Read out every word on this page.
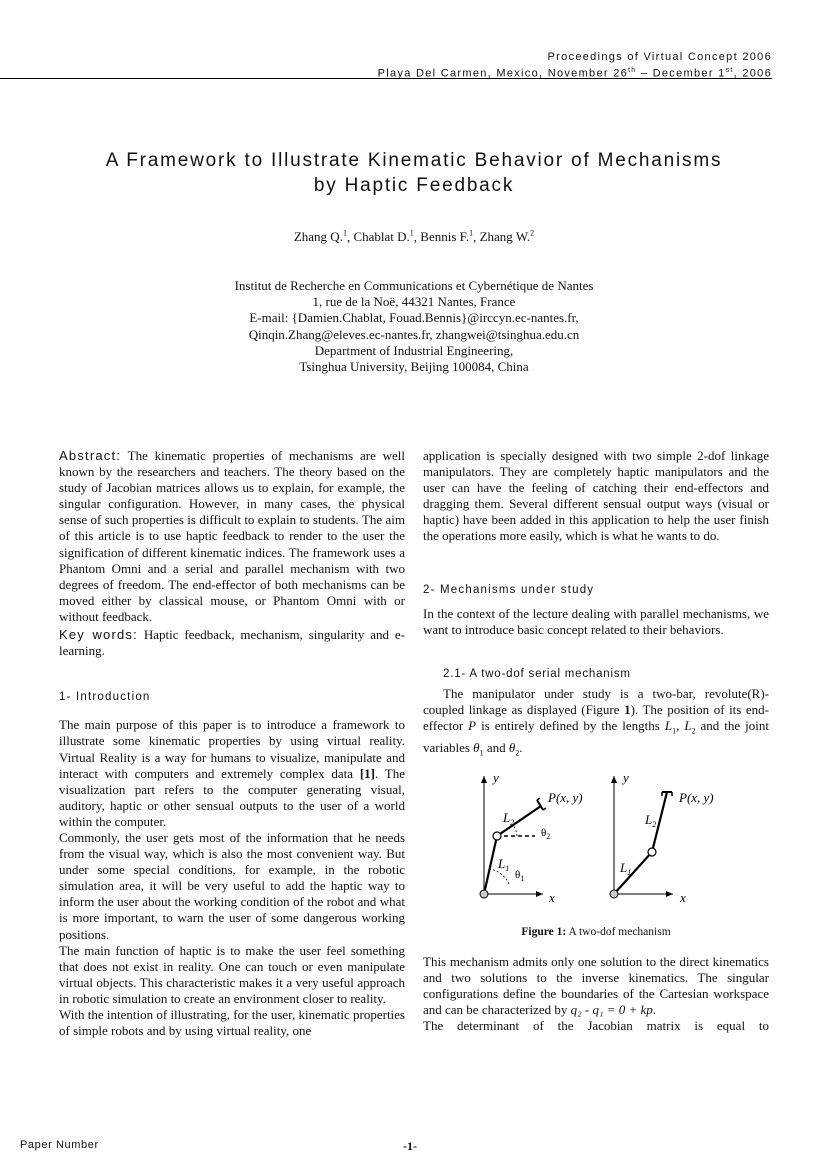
Proceedings of Virtual Concept 2006
Playa Del Carmen, Mexico, November 26th – December 1st, 2006
A Framework to Illustrate Kinematic Behavior of Mechanisms
by Haptic Feedback
Zhang Q.$^1$, Chablat D.$^1$, Bennis F.$^1$, Zhang W.$^2$
Institut de Recherche en Communications et Cybernétique de Nantes
1, rue de la Noë, 44321 Nantes, France
E-mail: {Damien.Chablat, Fouad.Bennis}@irccyn.ec-nantes.fr,
Qinqin.Zhang@eleves.ec-nantes.fr, zhangwei@tsinghua.edu.cn
Department of Industrial Engineering,
Tsinghua University, Beijing 100084, China

Abstract: The kinematic properties of mechanisms are well known by the researchers and teachers. The theory based on the study of Jacobian matrices allows us to explain, for example, the singular configuration. However, in many cases, the physical sense of such properties is difficult to explain to students. The aim of this article is to use haptic feedback to render to the user the signification of different kinematic indices. The framework uses a Phantom Omni and a serial and parallel mechanism with two degrees of freedom. The end-effector of both mechanisms can be moved either by classical mouse, or Phantom Omni with or without feedback.

Key words: Haptic feedback, mechanism, singularity and e-learning.

1- Introduction

The main purpose of this paper is to introduce a framework to illustrate some kinematic properties by using virtual reality. Virtual Reality is a way for humans to visualize, manipulate and interact with computers and extremely complex data [1]. The visualization part refers to the computer generating visual, auditory, haptic or other sensual outputs to the user of a world within the computer.

Commonly, the user gets most of the information that he needs from the visual way, which is also the most convenient way. But under some special conditions, for example, in the robotic simulation area, it will be very useful to add the haptic way to inform the user about the working condition of the robot and what is more important, to warn the user of some dangerous working positions.

The main function of haptic is to make the user feel something that does not exist in reality. One can touch or even manipulate virtual objects. This characteristic makes it a very useful approach in robotic simulation to create an environment closer to reality.

With the intention of illustrating, for the user, kinematic properties of simple robots and by using virtual reality, one

application is specially designed with two simple 2-dof linkage manipulators. They are completely haptic manipulators and the user can have the feeling of catching their end-effectors and dragging them. Several different sensual output ways (visual or haptic) have been added in this application to help the user finish the operations more easily, which is what he wants to do.

2- Mechanisms under study

In the context of the lecture dealing with parallel mechanisms, we want to introduce basic concept related to their behaviors.

2.1- A two-dof serial mechanism

The manipulator under study is a two-bar, revolute(R)-coupled linkage as displayed (Figure 1). The position of its end-effector P is entirely defined by the lengths $L_1$, $L_2$ and the joint variables $\theta_1$ and $\theta_2$.

y
x
P(x, y)
$L_2$
$L_1$
$\theta_2$
$\theta_1$
y
x
P(x, y)
$L_2$
$L_1$
Figure 1: A two-dof mechanism

This mechanism admits only one solution to the direct kinematics and two solutions to the inverse kinematics. The singular configurations define the boundaries of the Cartesian workspace and can be characterized by q₂ - q₁ = 0 + kp.

The determinant of the Jacobian matrix is equal to

Paper Number	-1-
